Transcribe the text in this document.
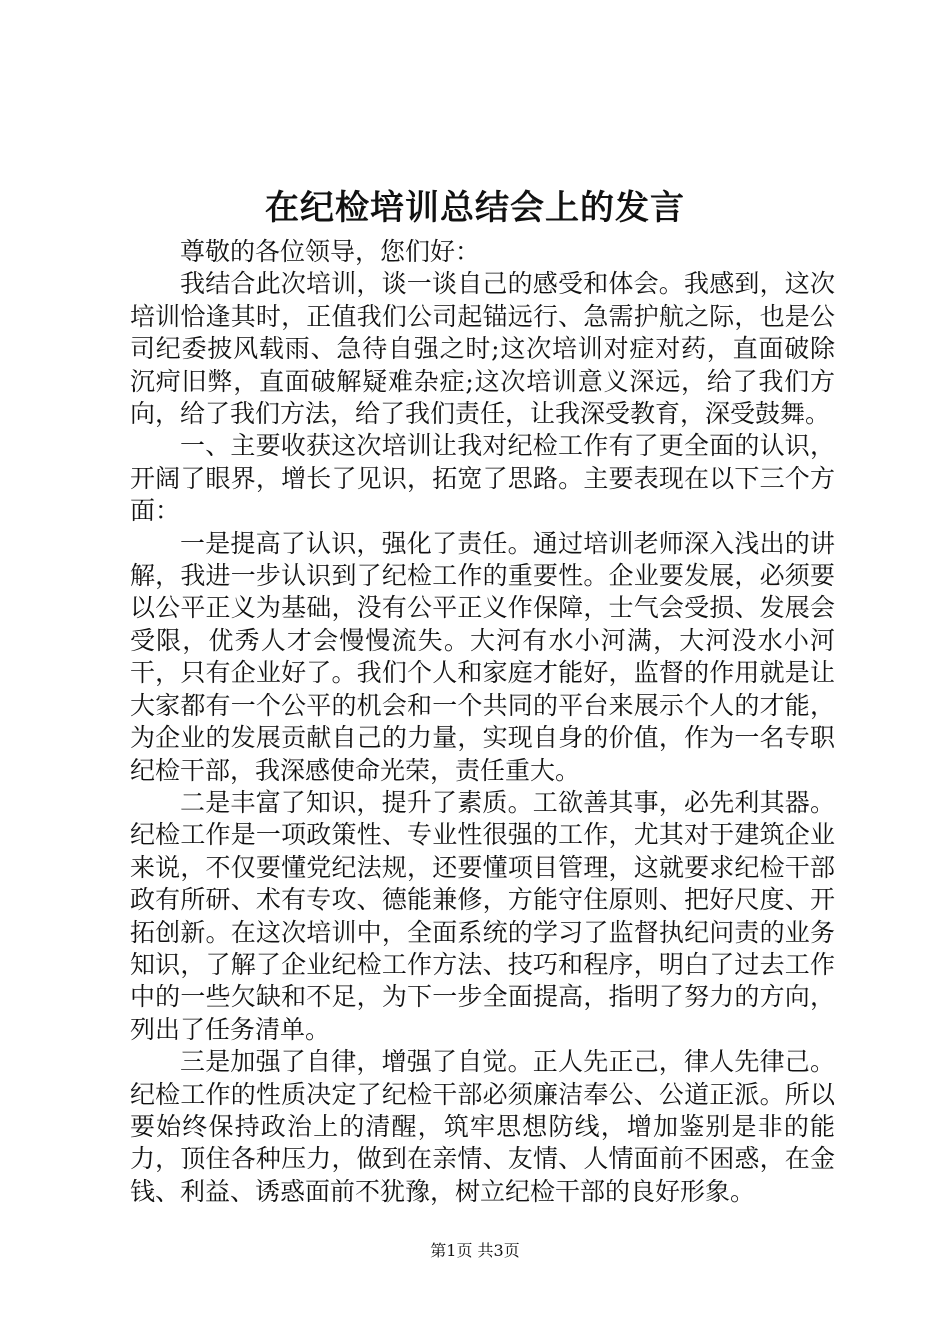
在纪检培训总结会上的发言

尊敬的各位领导，您们好：

我结合此次培训，谈一谈自己的感受和体会。我感到，这次培训恰逢其时，正值我们公司起锚远行、急需护航之际，也是公司纪委披风载雨、急待自强之时;这次培训对症对药，直面破除沉疴旧弊，直面破解疑难杂症;这次培训意义深远，给了我们方向，给了我们方法，给了我们责任，让我深受教育，深受鼓舞。

一、主要收获这次培训让我对纪检工作有了更全面的认识，开阔了眼界，增长了见识，拓宽了思路。主要表现在以下三个方面：

一是提高了认识，强化了责任。通过培训老师深入浅出的讲解，我进一步认识到了纪检工作的重要性。企业要发展，必须要以公平正义为基础，没有公平正义作保障，士气会受损、发展会受限，优秀人才会慢慢流失。大河有水小河满，大河没水小河干，只有企业好了。我们个人和家庭才能好，监督的作用就是让大家都有一个公平的机会和一个共同的平台来展示个人的才能，为企业的发展贡献自己的力量，实现自身的价值，作为一名专职纪检干部，我深感使命光荣，责任重大。

二是丰富了知识，提升了素质。工欲善其事，必先利其器。纪检工作是一项政策性、专业性很强的工作，尤其对于建筑企业来说，不仅要懂党纪法规，还要懂项目管理，这就要求纪检干部政有所研、术有专攻、德能兼修，方能守住原则、把好尺度、开拓创新。在这次培训中，全面系统的学习了监督执纪问责的业务知识，了解了企业纪检工作方法、技巧和程序，明白了过去工作中的一些欠缺和不足，为下一步全面提高，指明了努力的方向，列出了任务清单。

三是加强了自律，增强了自觉。正人先正己，律人先律己。纪检工作的性质决定了纪检干部必须廉洁奉公、公道正派。所以要始终保持政治上的清醒，筑牢思想防线，增加鉴别是非的能力，顶住各种压力，做到在亲情、友情、人情面前不困惑，在金钱、利益、诱惑面前不犹豫，树立纪检干部的良好形象。

第1页 共3页
